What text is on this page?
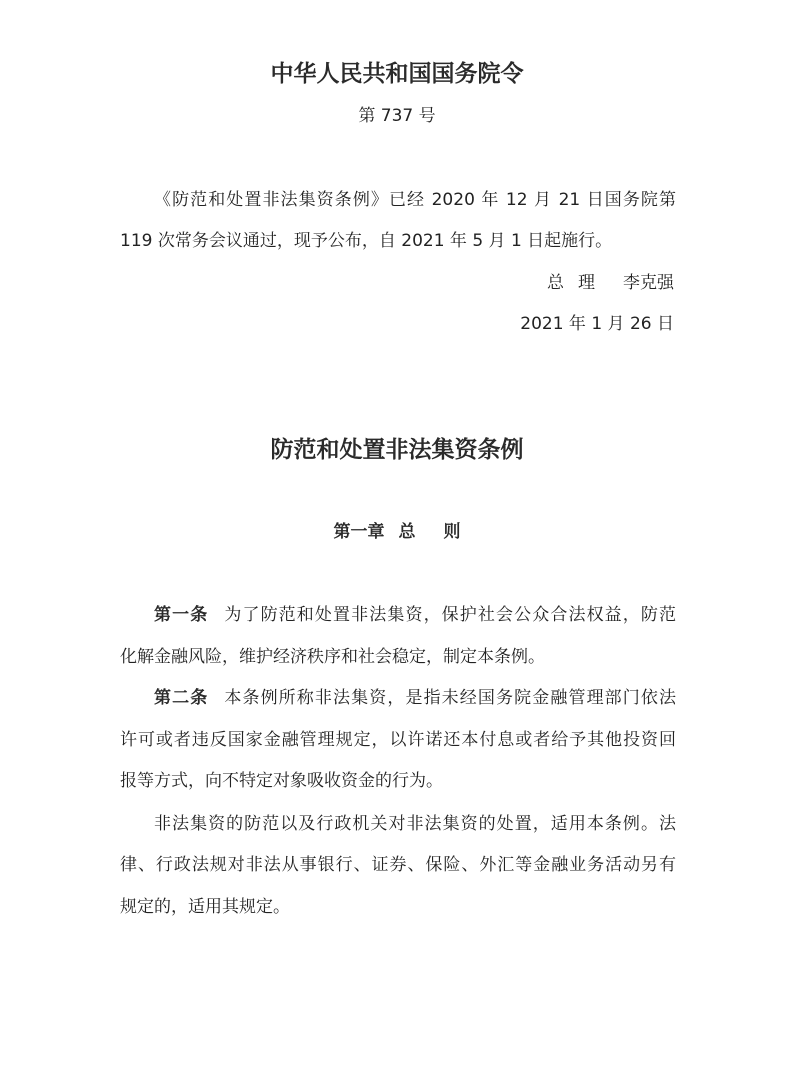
中华人民共和国国务院令
第 737 号
《防范和处置非法集资条例》已经 2020 年 12 月 21 日国务院第
119 次常务会议通过，现予公布，自 2021 年 5 月 1 日起施行。
总 理 李克强
2021 年 1 月 26 日
防范和处置非法集资条例
第一章 总 则
第一条 为了防范和处置非法集资，保护社会公众合法权益，防范
化解金融风险，维护经济秩序和社会稳定，制定本条例。
第二条 本条例所称非法集资，是指未经国务院金融管理部门依法
许可或者违反国家金融管理规定，以许诺还本付息或者给予其他投资回
报等方式，向不特定对象吸收资金的行为。
非法集资的防范以及行政机关对非法集资的处置，适用本条例。法
律、行政法规对非法从事银行、证券、保险、外汇等金融业务活动另有
规定的，适用其规定。
